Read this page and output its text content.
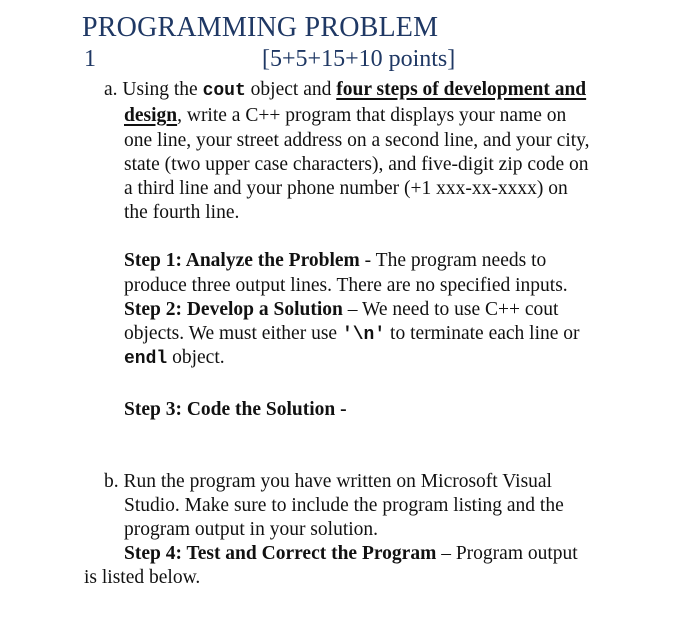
PROGRAMMING PROBLEM
1	[5+5+15+10 points]
a. Using the cout object and four steps of development and
design, write a C++ program that displays your name on
one line, your street address on a second line, and your city,
state (two upper case characters), and five-digit zip code on
a third line and your phone number (+1 xxx-xx-xxxx) on
the fourth line.
Step 1: Analyze the Problem - The program needs to
produce three output lines. There are no specified inputs.
Step 2: Develop a Solution – We need to use C++ cout
objects. We must either use '\n' to terminate each line or
endl object.
Step 3: Code the Solution -
b. Run the program you have written on Microsoft Visual
Studio. Make sure to include the program listing and the
program output in your solution.
Step 4: Test and Correct the Program – Program output
is listed below.
